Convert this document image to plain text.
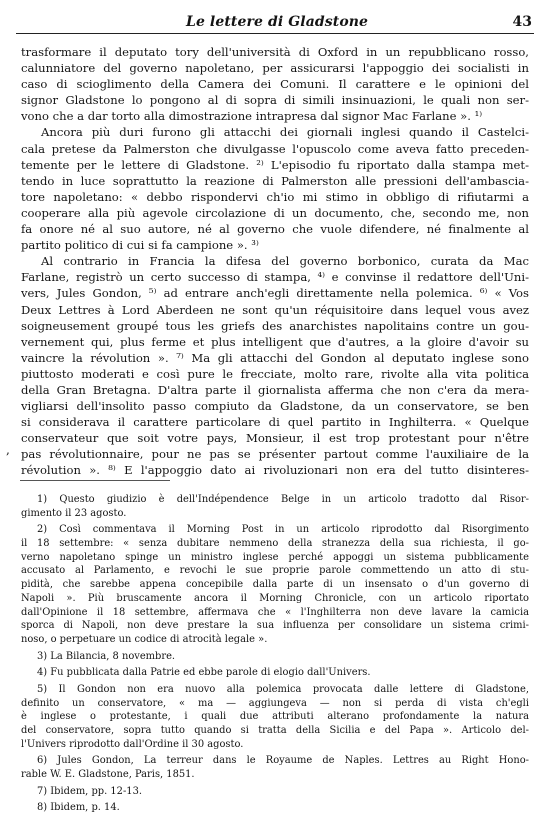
Le lettere di Gladstone	43
trasformare il deputato tory dell'università di Oxford in un repubblicano rosso,
calunniatore del governo napoletano, per assicurarsi l'appoggio dei socialisti in
caso di scioglimento della Camera dei Comuni. Il carattere e le opinioni del
signor Gladstone lo pongono al di sopra di simili insinuazioni, le quali non ser-
vono che a dar torto alla dimostrazione intrapresa dal signor Mac Farlane ». ¹⁾
Ancora più duri furono gli attacchi dei giornali inglesi quando il Castelci-
cala pretese da Palmerston che divulgasse l'opuscolo come aveva fatto preceden-
temente per le lettere di Gladstone. ²⁾ L'episodio fu riportato dalla stampa met-
tendo in luce soprattutto la reazione di Palmerston alle pressioni dell'ambascia-
tore napoletano: « debbo rispondervi ch'io mi stimo in obbligo di rifiutarmi a
cooperare alla più agevole circolazione di un documento, che, secondo me, non
fa onore né al suo autore, né al governo che vuole difendere, né finalmente al
partito politico di cui si fa campione ». ³⁾
Al contrario in Francia la difesa del governo borbonico, curata da Mac
Farlane, registrò un certo successo di stampa, ⁴⁾ e convinse il redattore dell'Uni-
vers, Jules Gondon, ⁵⁾ ad entrare anch'egli direttamente nella polemica. ⁶⁾ « Vos
Deux Lettres à Lord Aberdeen ne sont qu'un réquisitoire dans lequel vous avez
soigneusement groupé tous les griefs des anarchistes napolitains contre un gou-
vernement qui, plus ferme et plus intelligent que d'autres, a la gloire d'avoir su
vaincre la révolution ». ⁷⁾ Ma gli attacchi del Gondon al deputato inglese sono
piuttosto moderati e così pure le frecciate, molto rare, rivolte alla vita politica
della Gran Bretagna. D'altra parte il giornalista afferma che non c'era da mera-
vigliarsi dell'insolito passo compiuto da Gladstone, da un conservatore, se ben
si considerava il carattere particolare di quel partito in Inghilterra. « Quelque
conservateur que soit votre pays, Monsieur, il est trop protestant pour n'être
pas révolutionnaire, pour ne pas se présenter partout comme l'auxiliaire de la
révolution ». ⁸⁾ E l'appoggio dato ai rivoluzionari non era del tutto disinteres-
,
1) Questo giudizio è dell'Indépendence Belge in un articolo tradotto dal Risor-
gimento il 23 agosto.
2) Così commentava il Morning Post in un articolo riprodotto dal Risorgimento
il 18 settembre: « senza dubitare nemmeno della stranezza della sua richiesta, il go-
verno napoletano spinge un ministro inglese perché appoggi un sistema pubblicamente
accusato al Parlamento, e revochi le sue proprie parole commettendo un atto di stu-
pidità, che sarebbe appena concepibile dalla parte di un insensato o d'un governo di
Napoli ». Più bruscamente ancora il Morning Chronicle, con un articolo riportato
dall'Opinione il 18 settembre, affermava che « l'Inghilterra non deve lavare la camicia
sporca di Napoli, non deve prestare la sua influenza per consolidare un sistema crimi-
noso, o perpetuare un codice di atrocità legale ».
3) La Bilancia, 8 novembre.
4) Fu pubblicata dalla Patrie ed ebbe parole di elogio dall'Univers.
5) Il Gondon non era nuovo alla polemica provocata dalle lettere di Gladstone,
definito un conservatore, « ma — aggiungeva — non si perda di vista ch'egli
è inglese o protestante, i quali due attributi alterano profondamente la natura
del conservatore, sopra tutto quando si tratta della Sicilia e del Papa ». Articolo del-
l'Univers riprodotto dall'Ordine il 30 agosto.
6) Jules Gondon, La terreur dans le Royaume de Naples. Lettres au Right Hono-
rable W. E. Gladstone, Paris, 1851.
7) Ibidem, pp. 12-13.
8) Ibidem, p. 14.
